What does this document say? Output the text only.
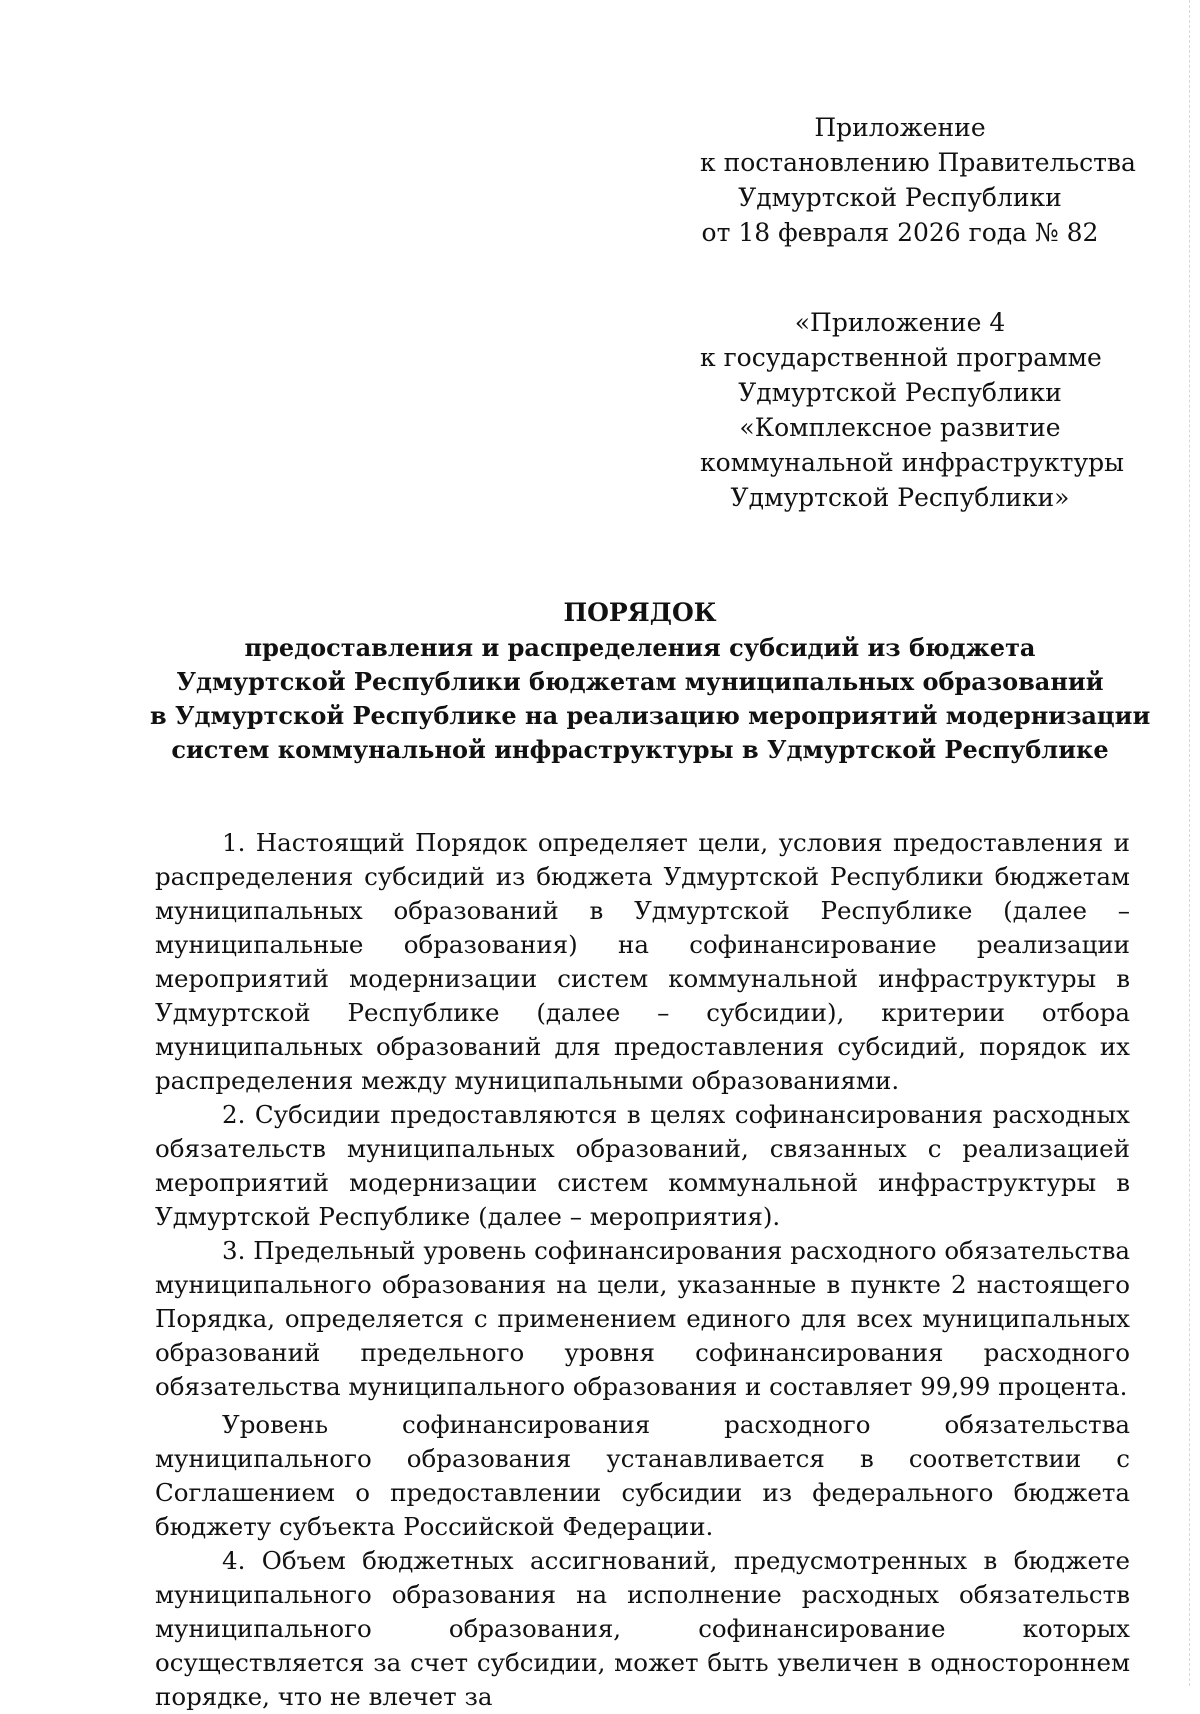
Приложение
к постановлению Правительства
Удмуртской Республики
от 18 февраля 2026 года № 82
«Приложение 4
к государственной программе
Удмуртской Республики
«Комплексное развитие
коммунальной инфраструктуры
Удмуртской Республики»
ПОРЯДОК
предоставления и распределения субсидий из бюджета
Удмуртской Республики бюджетам муниципальных образований
в Удмуртской Республике на реализацию мероприятий модернизации
систем коммунальной инфраструктуры в Удмуртской Республике

1. Настоящий Порядок определяет цели, условия предоставления и распределения субсидий из бюджета Удмуртской Республики бюджетам муниципальных образований в Удмуртской Республике (далее – муниципальные образования) на софинансирование реализации мероприятий модернизации систем коммунальной инфраструктуры в Удмуртской Республике (далее – субсидии), критерии отбора муниципальных образований для предоставления субсидий, порядок их распределения между муниципальными образованиями.

2. Субсидии предоставляются в целях софинансирования расходных обязательств муниципальных образований, связанных с реализацией мероприятий модернизации систем коммунальной инфраструктуры в Удмуртской Республике (далее – мероприятия).

3. Предельный уровень софинансирования расходного обязательства муниципального образования на цели, указанные в пункте 2 настоящего Порядка, определяется с применением единого для всех муниципальных образований предельного уровня софинансирования расходного обязательства муниципального образования и составляет 99,99 процента.

Уровень софинансирования расходного обязательства муниципального образования устанавливается в соответствии с Соглашением о предоставлении субсидии из федерального бюджета бюджету субъекта Российской Федерации.

4. Объем бюджетных ассигнований, предусмотренных в бюджете муниципального образования на исполнение расходных обязательств муниципального образования, софинансирование которых осуществляется за счет субсидии, может быть увеличен в одностороннем порядке, что не влечет за
